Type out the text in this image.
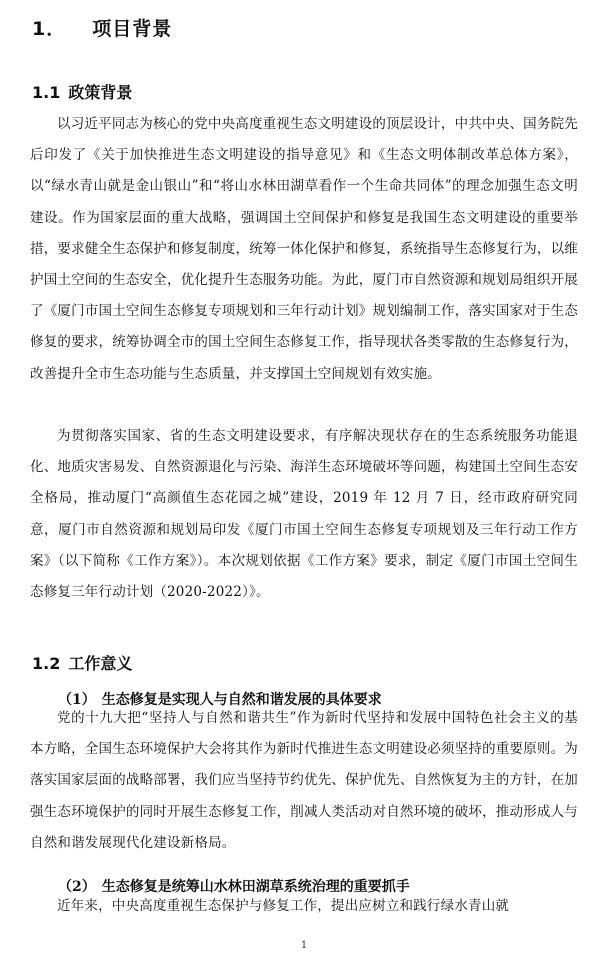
1． 项目背景
1.1 政策背景

以习近平同志为核心的党中央高度重视生态文明建设的顶层设计，中共中央、国务院先后印发了《关于加快推进生态文明建设的指导意见》和《生态文明体制改革总体方案》，以“绿水青山就是金山银山”和“将山水林田湖草看作一个生命共同体”的理念加强生态文明建设。作为国家层面的重大战略，强调国土空间保护和修复是我国生态文明建设的重要举措，要求健全生态保护和修复制度，统筹一体化保护和修复，系统指导生态修复行为，以维护国土空间的生态安全，优化提升生态服务功能。为此，厦门市自然资源和规划局组织开展了《厦门市国土空间生态修复专项规划和三年行动计划》规划编制工作，落实国家对于生态修复的要求，统筹协调全市的国土空间生态修复工作，指导现状各类零散的生态修复行为，改善提升全市生态功能与生态质量，并支撑国土空间规划有效实施。

为贯彻落实国家、省的生态文明建设要求，有序解决现状存在的生态系统服务功能退化、地质灾害易发、自然资源退化与污染、海洋生态环境破坏等问题，构建国土空间生态安全格局，推动厦门“高颜值生态花园之城”建设，2019 年 12 月 7 日，经市政府研究同意，厦门市自然资源和规划局印发《厦门市国土空间生态修复专项规划及三年行动工作方案》（以下简称《工作方案》）。本次规划依据《工作方案》要求，制定《厦门市国土空间生态修复三年行动计划（2020-2022）》。

1.2 工作意义
（1） 生态修复是实现人与自然和谐发展的具体要求

党的十九大把“坚持人与自然和谐共生”作为新时代坚持和发展中国特色社会主义的基本方略，全国生态环境保护大会将其作为新时代推进生态文明建设必须坚持的重要原则。为落实国家层面的战略部署，我们应当坚持节约优先、保护优先、自然恢复为主的方针，在加强生态环境保护的同时开展生态修复工作，削减人类活动对自然环境的破坏，推动形成人与自然和谐发展现代化建设新格局。

（2） 生态修复是统筹山水林田湖草系统治理的重要抓手

近年来，中央高度重视生态保护与修复工作，提出应树立和践行绿水青山就

1
